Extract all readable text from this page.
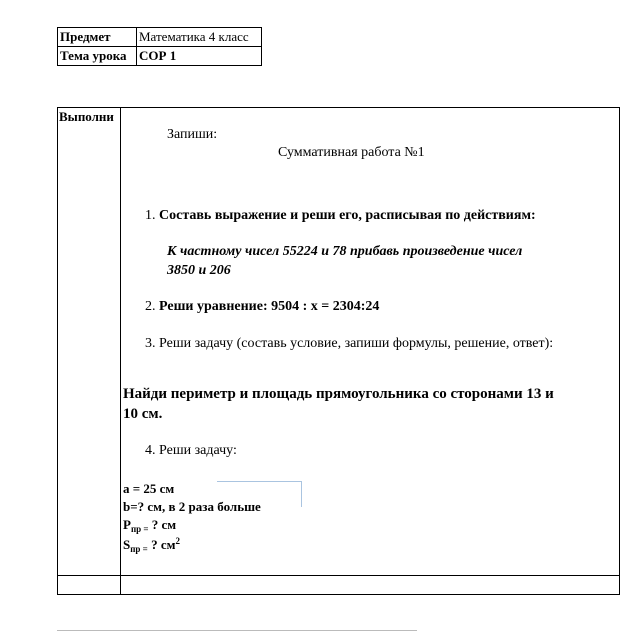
Предмет	Математика 4 класс
Тема урока	СОР 1
Выполни
Запиши:
Суммативная работа №1
1. Составь выражение и реши его, расписывая по действиям:
К частному чисел 55224 и 78 прибавь произведение чисел
3850 и 206
2. Реши уравнение: 9504 : х = 2304:24
3. Реши задачу (составь условие, запиши формулы, решение, ответ):
Найди периметр и площадь прямоугольника со сторонами 13 и
10 см.
4. Реши задачу:
а = 25 см
b=? см, в 2 раза больше
$P_{пр =}$ ? см
$S_{пр =}$ ? $см^2$
